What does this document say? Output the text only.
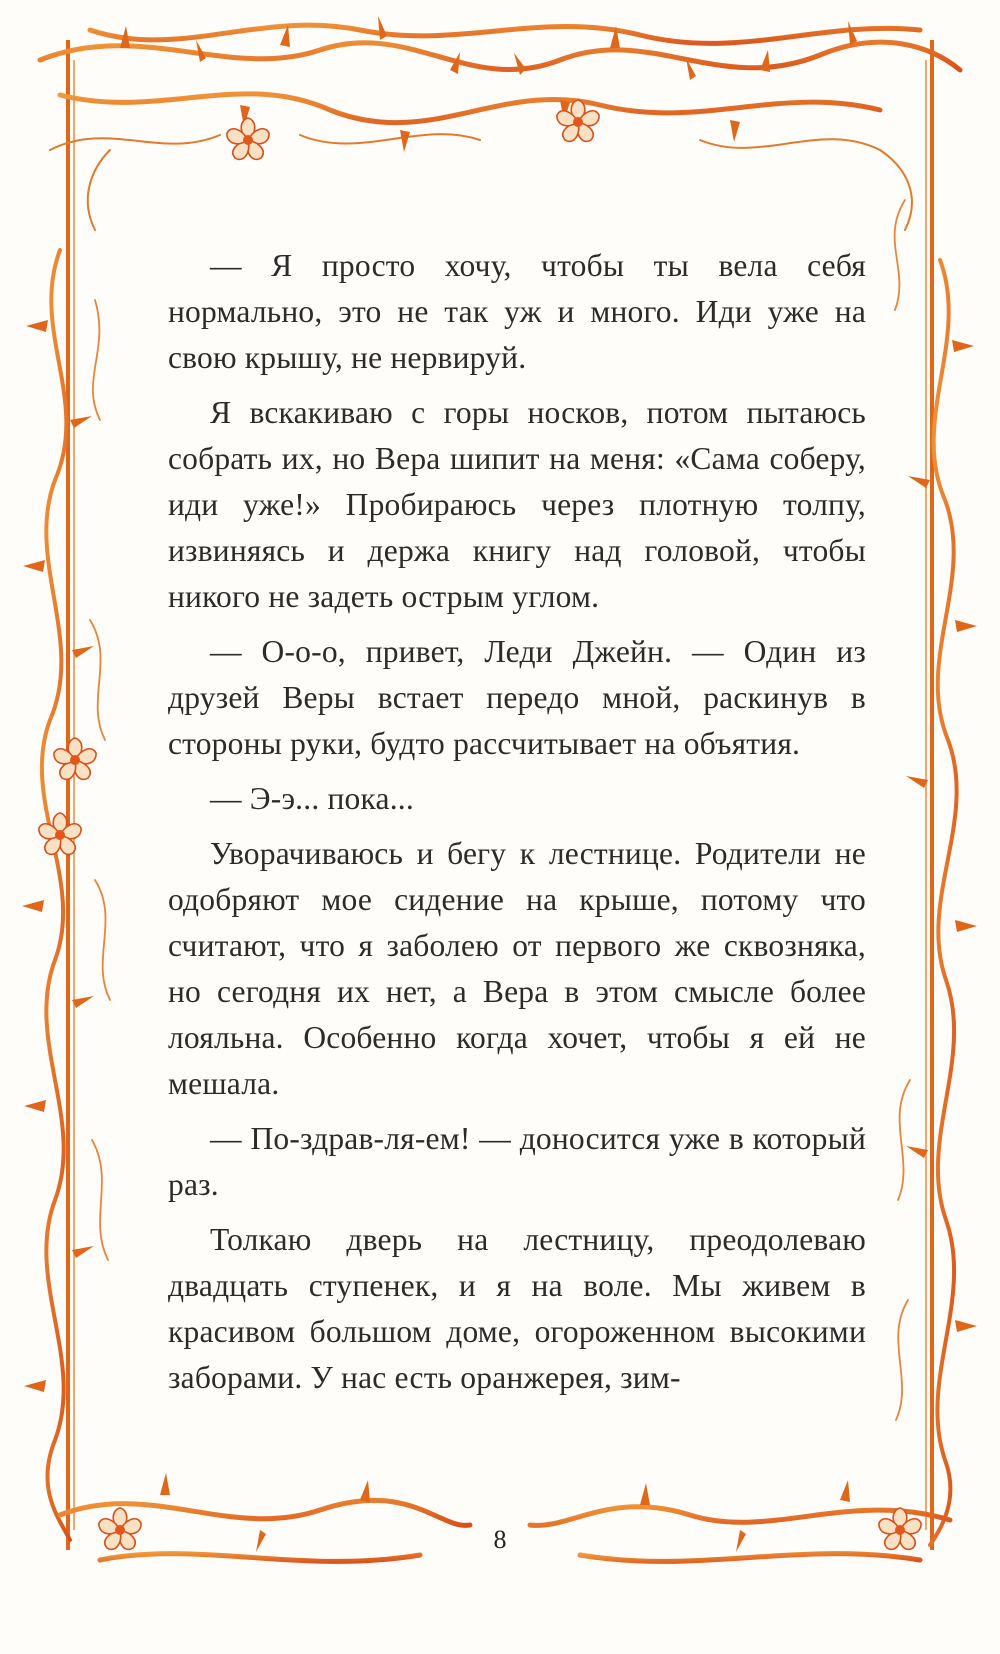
— Я просто хочу, чтобы ты вела себя нормально, это не так уж и много. Иди уже на свою крышу, не нервируй.

Я вскакиваю с горы носков, потом пытаюсь собрать их, но Вера шипит на меня: «Сама соберу, иди уже!» Пробираюсь через плотную толпу, извиняясь и держа книгу над головой, чтобы никого не задеть острым углом.

— О-о-о, привет, Леди Джейн. — Один из друзей Веры встает передо мной, раскинув в стороны руки, будто рассчитывает на объятия.

— Э-э... пока...

Уворачиваюсь и бегу к лестнице. Родители не одобряют мое сидение на крыше, потому что считают, что я заболею от первого же сквозняка, но сегодня их нет, а Вера в этом смысле более лояльна. Особенно когда хочет, чтобы я ей не мешала.

— По-здрав-ля-ем! — доносится уже в который раз.

Толкаю дверь на лестницу, преодолеваю двадцать ступенек, и я на воле. Мы живем в красивом большом доме, огороженном высокими заборами. У нас есть оранжерея, зим-

8
